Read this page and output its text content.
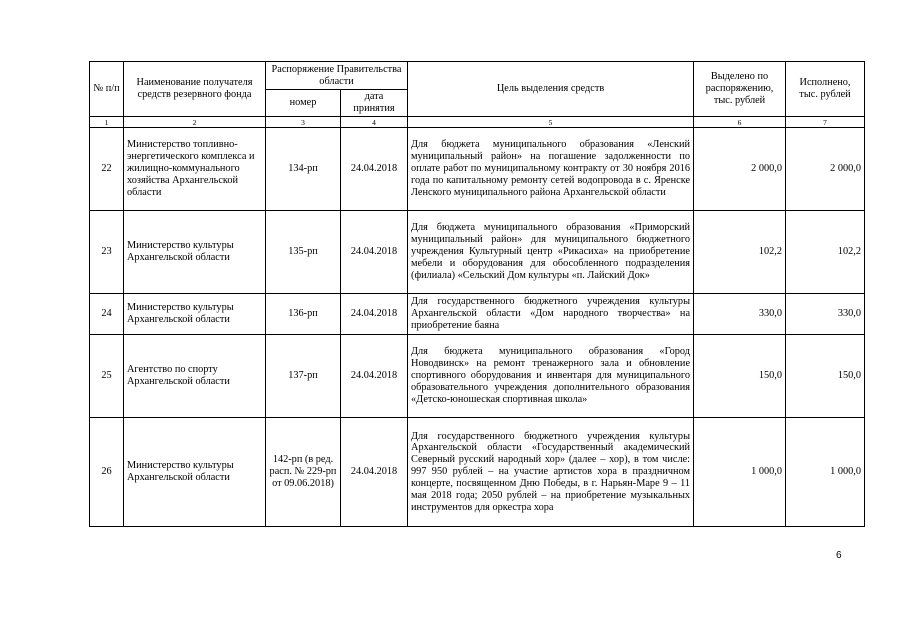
№ п/п	Наименование получателя средств резервного фонда	Распоряжение Правительства области		Цель выделения средств	Выделено по распоряжению, тыс. рублей	Исполнено, тыс. рублей
		номер	дата принятия			
1	2	3	4	5	6	7
22	Министерство топливно-энергетического комплекса и жилищно-коммунального хозяйства Архангельской области	134-рп	24.04.2018	Для бюджета муниципального образования «Ленский муниципальный район» на погашение задолженности по оплате работ по муниципальному контракту от 30 ноября 2016 года по капитальному ремонту сетей водопровода в с. Яренске Ленского муниципального района Архангельской области	2 000,0	2 000,0
23	Министерство культуры Архангельской области	135-рп	24.04.2018	Для бюджета муниципального образования «Приморский муниципальный район» для муниципального бюджетного учреждения Культурный центр «Рикасиха» на приобретение мебели и оборудования для обособленного подразделения (филиала) «Сельский Дом культуры «п. Лайский Док»	102,2	102,2
24	Министерство культуры Архангельской области	136-рп	24.04.2018	Для государственного бюджетного учреждения культуры Архангельской области «Дом народного творчества» на приобретение баяна	330,0	330,0
25	Агентство по спорту Архангельской области	137-рп	24.04.2018	Для бюджета муниципального образования «Город Новодвинск» на ремонт тренажерного зала и обновление спортивного оборудования и инвентаря для муниципального образовательного учреждения дополнительного образования «Детско-юношеская спортивная школа»	150,0	150,0
26	Министерство культуры Архангельской области	142-рп (в ред. расп. № 229-рп от 09.06.2018)	24.04.2018	Для государственного бюджетного учреждения культуры Архангельской области «Государственный академический Северный русский народный хор» (далее – хор), в том числе: 997 950 рублей – на участие артистов хора в праздничном концерте, посвященном Дню Победы, в г. Нарьян-Маре 9 – 11 мая 2018 года; 2050 рублей – на приобретение музыкальных инструментов для оркестра хора	1 000,0	1 000,0
6
